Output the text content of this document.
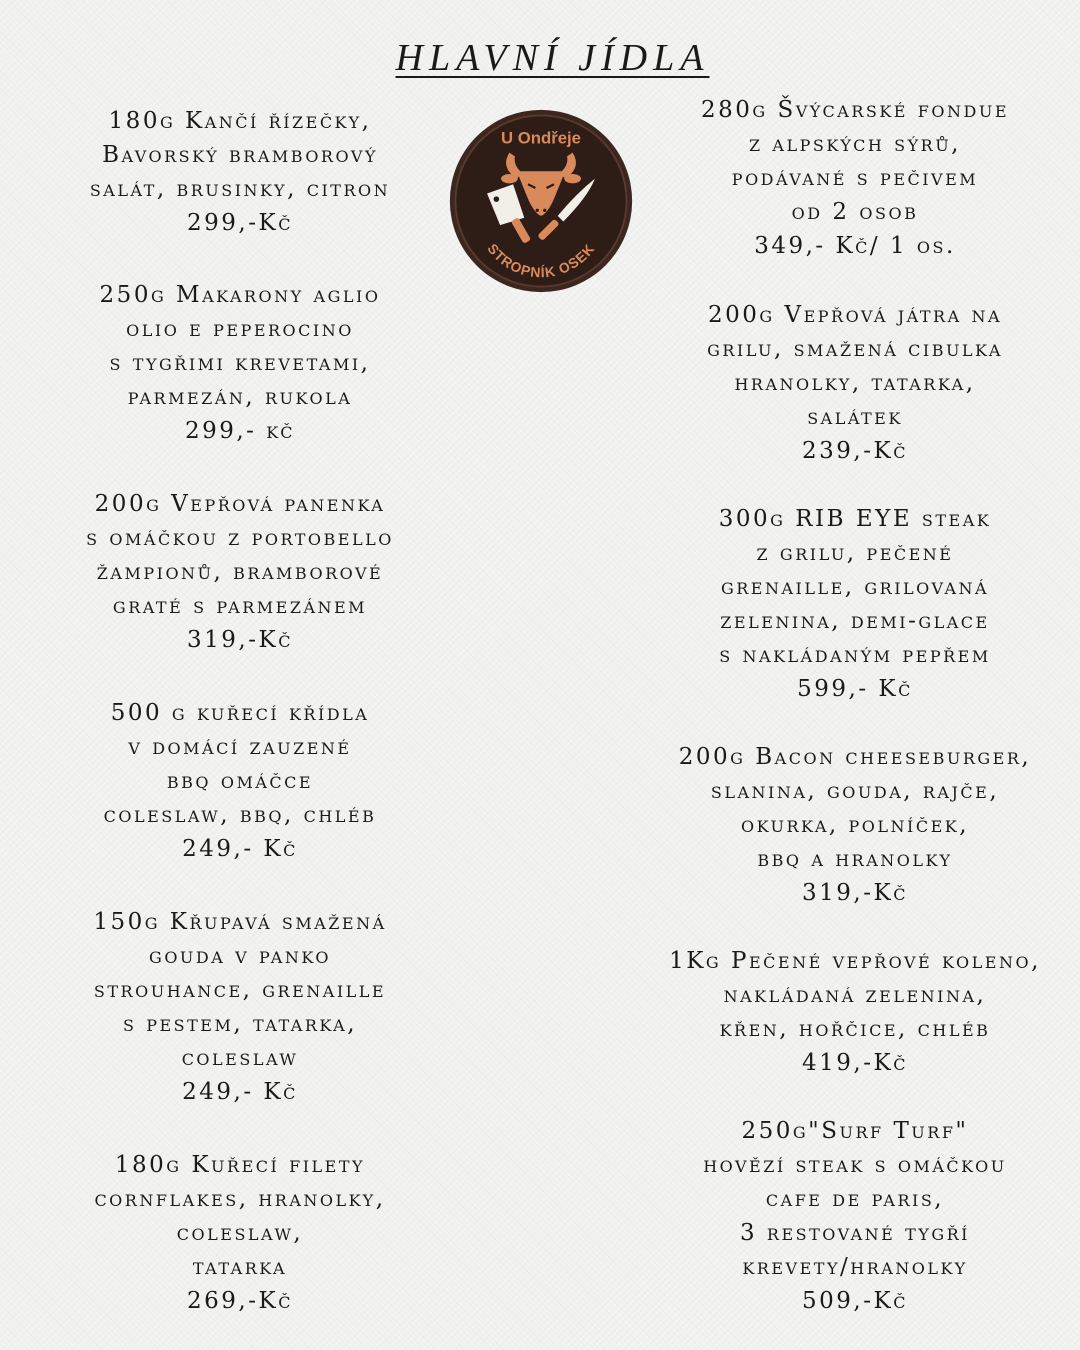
HLAVNÍ JÍDLA
U Ondřeje
STROPNÍK OSEK
180g Kančí řízečky,
Bavorský bramborový
salát, brusinky, citron
299,-Kč
250g Makarony aglio
olio e peperocino
s tygřimi krevetami,
parmezán, rukola
299,- kč
200g Vepřová panenka
s omáčkou z portobello
žampionů, bramborové
graté s parmezánem
319,-Kč
500 g kuřecí křídla
v domácí zauzené
bbq omáčce
coleslaw, bbq, chléb
249,- Kč
150g Křupavá smažená
gouda v panko
strouhance, grenaille
s pestem, tatarka,
coleslaw
249,- Kč
180g Kuřecí filety
cornflakes, hranolky,
coleslaw,
tatarka
269,-Kč
280g Švýcarské fondue
z alpských sýrů,
podávané s pečivem
od 2 osob
349,- Kč/ 1 os.
200g Vepřová játra na
grilu, smažená cibulka
hranolky, tatarka,
salátek
239,-Kč
300g RIB EYE steak
z grilu, pečené
grenaille, grilovaná
zelenina, demi-glace
s nakládaným pepřem
599,- Kč
200g Bacon cheeseburger,
slanina, gouda, rajče,
okurka, polníček,
bbq a hranolky
319,-Kč
1Kg Pečené vepřové koleno,
nakládaná zelenina,
křen, hořčice, chléb
419,-Kč
250g"Surf Turf"
hovězí steak s omáčkou
cafe de paris,
3 restované tygří
krevety/hranolky
509,-Kč
